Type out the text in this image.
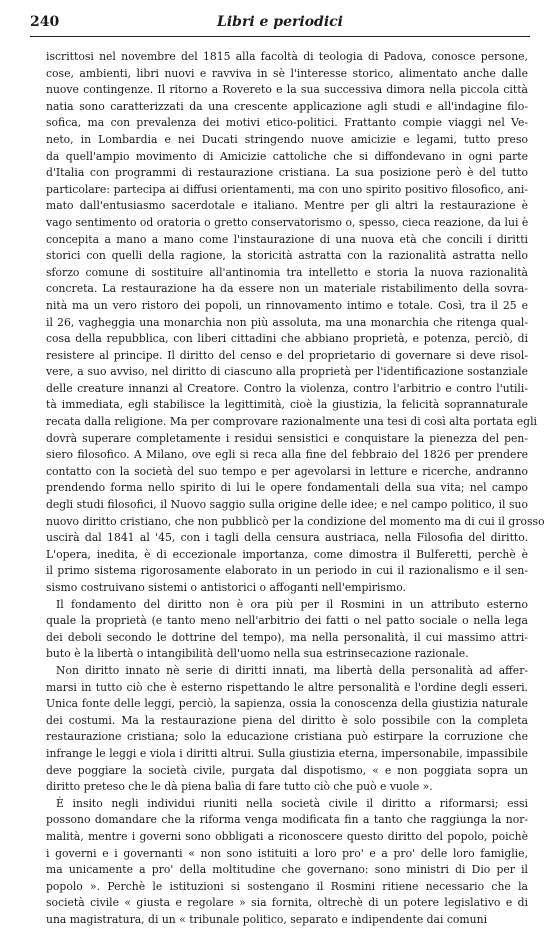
240	Libri e periodici
iscrittosi nel novembre del 1815 alla facoltà di teologia di Padova, conosce persone,
cose, ambienti, libri nuovi e ravviva in sè l'interesse storico, alimentato anche dalle
nuove contingenze. Il ritorno a Rovereto e la sua successiva dimora nella piccola città
natia sono caratterizzati da una crescente applicazione agli studi e all'indagine filo-
sofica, ma con prevalenza dei motivi etico-politici. Frattanto compie viaggi nel Ve-
neto, in Lombardia e nei Ducati stringendo nuove amicizie e legami, tutto preso
da quell'ampio movimento di Amicizie cattoliche che si diffondevano in ogni parte
d'Italia con programmi di restaurazione cristiana. La sua posizione però è del tutto
particolare: partecipa ai diffusi orientamenti, ma con uno spirito positivo filosofico, ani-
mato dall'entusiasmo sacerdotale e italiano. Mentre per gli altri la restaurazione è
vago sentimento od oratoria o gretto conservatorismo o, spesso, cieca reazione, da lui è
concepita a mano a mano come l'instaurazione di una nuova età che concili i diritti
storici con quelli della ragione, la storicità astratta con la razionalità astratta nello
sforzo comune di sostituire all'antinomia tra intelletto e storia la nuova razionalità
concreta. La restaurazione ha da essere non un materiale ristabilimento della sovra-
nità ma un vero ristoro dei popoli, un rinnovamento intimo e totale. Così, tra il 25 e
il 26, vagheggia una monarchia non più assoluta, ma una monarchia che ritenga qual-
cosa della repubblica, con liberi cittadini che abbiano proprietà, e potenza, perciò, di
resistere al principe. Il diritto del censo e del proprietario di governare si deve risol-
vere, a suo avviso, nel diritto di ciascuno alla proprietà per l'identificazione sostanziale
delle creature innanzi al Creatore. Contro la violenza, contro l'arbitrio e contro l'utili-
tà immediata, egli stabilisce la legittimità, cioè la giustizia, la felicità soprannaturale
recata dalla religione. Ma per comprovare razionalmente una tesi di così alta portata egli
dovrà superare completamente i residui sensistici e conquistare la pienezza del pen-
siero filosofico. A Milano, ove egli si reca alla fine del febbraio del 1826 per prendere
contatto con la società del suo tempo e per agevolarsi in letture e ricerche, andranno
prendendo forma nello spirito di lui le opere fondamentali della sua vita; nel campo
degli studi filosofici, il Nuovo saggio sulla origine delle idee; e nel campo politico, il suo
nuovo diritto cristiano, che non pubblicò per la condizione del momento ma di cui il grosso
uscirà dal 1841 al '45, con i tagli della censura austriaca, nella Filosofia del diritto.
L'opera, inedita, è di eccezionale importanza, come dimostra il Bulferetti, perchè è
il primo sistema rigorosamente elaborato in un periodo in cui il razionalismo e il sen-
sismo costruivano sistemi o antistorici o affoganti nell'empirismo.
Il fondamento del diritto non è ora più per il Rosmini in un attributo esterno
quale la proprietà (e tanto meno nell'arbitrio dei fatti o nel patto sociale o nella lega
dei deboli secondo le dottrine del tempo), ma nella personalità, il cui massimo attri-
buto è la libertà o intangibilità dell'uomo nella sua estrinsecazione razionale.
Non diritto innato nè serie di diritti innati, ma libertà della personalità ad affer-
marsi in tutto ciò che è esterno rispettando le altre personalità e l'ordine degli esseri.
Unica fonte delle leggi, perciò, la sapienza, ossia la conoscenza della giustizia naturale
dei costumi. Ma la restaurazione piena del diritto è solo possibile con la completa
restaurazione cristiana; solo la educazione cristiana può estirpare la corruzione che
infrange le leggi e viola i diritti altrui. Sulla giustizia eterna, impersonabile, impassibile
deve poggiare la società civile, purgata dal dispotismo, « e non poggiata sopra un
diritto preteso che le dà piena balìa di fare tutto ciò che può e vuole ».
È insito negli individui riuniti nella società civile il diritto a riformarsi; essi
possono domandare che la riforma venga modificata fin a tanto che raggiunga la nor-
malità, mentre i governi sono obbligati a riconoscere questo diritto del popolo, poichè
i governi e i governanti « non sono istituiti a loro pro' e a pro' delle loro famiglie,
ma unicamente a pro' della moltitudine che governano: sono ministri di Dio per il
popolo ». Perchè le istituzioni si sostengano il Rosmini ritiene necessario che la
società civile « giusta e regolare » sia fornita, oltrechè di un potere legislativo e di
una magistratura, di un « tribunale politico, separato e indipendente dai comuni
